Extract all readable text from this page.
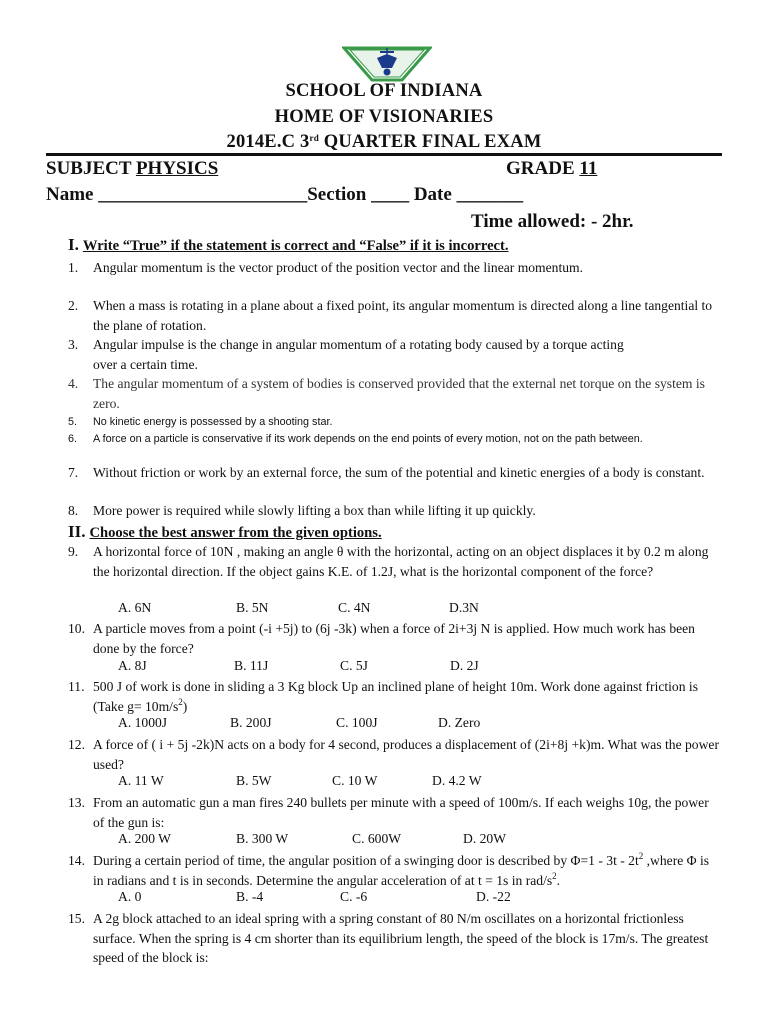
SCHOOL OF INDIANA
HOME OF VISIONARIES
2014E.C 3rd QUARTER FINAL EXAM
SUBJECT PHYSICS	GRADE 11
Name ______________________Section ____ Date _______
Time allowed: - 2hr.
I. Write “True” if the statement is correct and “False” if it is incorrect.
1. Angular momentum is the vector product of the position vector and the linear momentum.
2. When a mass is rotating in a plane about a fixed point, its angular momentum is directed along a line tangential to the plane of rotation.
3. Angular impulse is the change in angular momentum of a rotating body caused by a torque acting over a certain time.
4. The angular momentum of a system of bodies is conserved provided that the external net torque on the system is zero.
5. No kinetic energy is possessed by a shooting star.
6. A force on a particle is conservative if its work depends on the end points of every motion, not on the path between.
7. Without friction or work by an external force, the sum of the potential and kinetic energies of a body is constant.
8. More power is required while slowly lifting a box than while lifting it up quickly.
II. Choose the best answer from the given options.
9. A horizontal force of 10N , making an angle θ with the horizontal, acting on an object displaces it by 0.2 m along the horizontal direction. If the object gains K.E. of 1.2J, what is the horizontal component of the force?
A. 6N	B. 5N	C. 4N	D.3N
10. A particle moves from a point (-i +5j) to (6j -3k) when a force of 2i+3j N is applied. How much work has been done by the force?
A. 8J	B. 11J	C. 5J	D. 2J
11. 500 J of work is done in sliding a 3 Kg block Up an inclined plane of height 10m. Work done against friction is (Take $g= 10m/s^2$)
A. 1000J	B. 200J	C. 100J	D. Zero
12. A force of ( i + 5j -2k)N acts on a body for 4 second, produces a displacement of (2i+8j +k)m. What was the power used?
A. 11 W	B. 5W	C. 10 W	D. 4.2 W
13. From an automatic gun a man fires 240 bullets per minute with a speed of 100m/s. If each weighs 10g, the power of the gun is:
A. 200 W	B. 300 W	C. 600W	D. 20W
14. During a certain period of time, the angular position of a swinging door is described by $\Phi=1 - 3t - 2t^2$ ,where Φ is in radians and t is in seconds. Determine the angular acceleration of at t = 1s in rad/$s^2$.
A. 0	B. -4	C. -6	D. -22
15. A 2g block attached to an ideal spring with a spring constant of 80 N/m oscillates on a horizontal frictionless surface. When the spring is 4 cm shorter than its equilibrium length, the speed of the block is 17m/s. The greatest speed of the block is:
